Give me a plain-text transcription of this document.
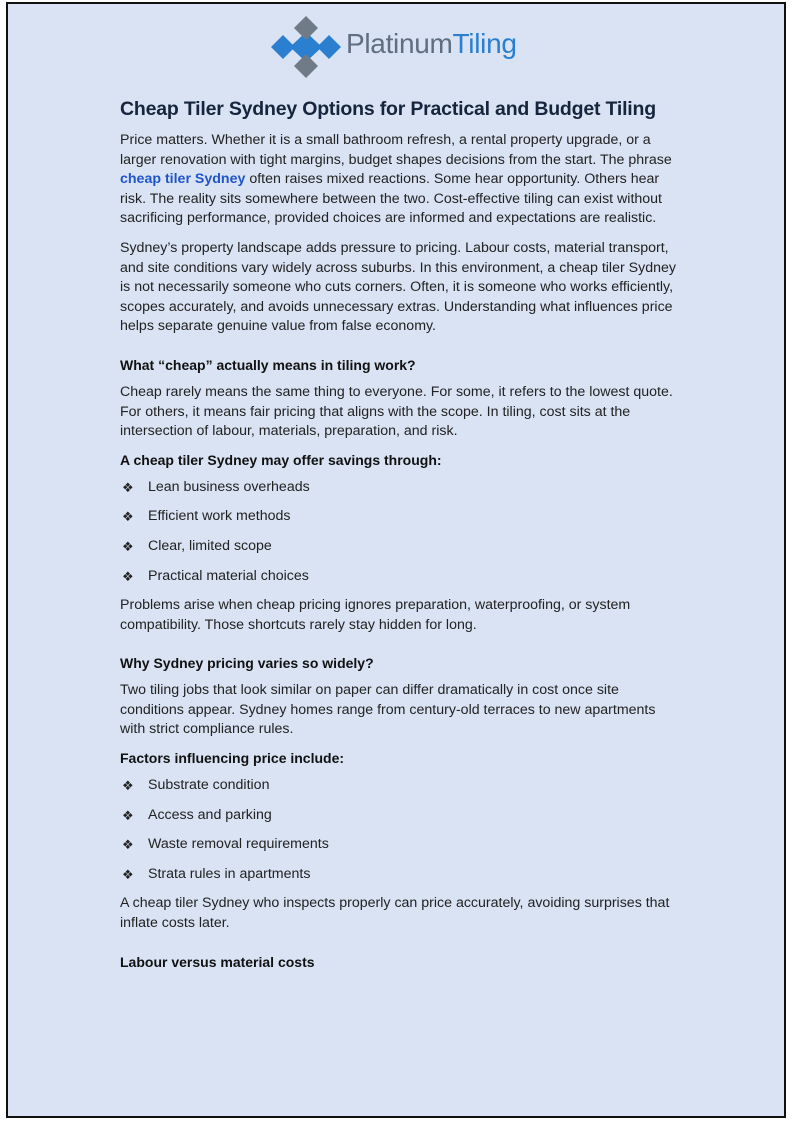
PlatinumTiling
Cheap Tiler Sydney Options for Practical and Budget Tiling

Price matters. Whether it is a small bathroom refresh, a rental property upgrade, or a larger renovation with tight margins, budget shapes decisions from the start. The phrase cheap tiler Sydney often raises mixed reactions. Some hear opportunity. Others hear risk. The reality sits somewhere between the two. Cost-effective tiling can exist without sacrificing performance, provided choices are informed and expectations are realistic.

Sydney’s property landscape adds pressure to pricing. Labour costs, material transport, and site conditions vary widely across suburbs. In this environment, a cheap tiler Sydney is not necessarily someone who cuts corners. Often, it is someone who works efficiently, scopes accurately, and avoids unnecessary extras. Understanding what influences price helps separate genuine value from false economy.

What “cheap” actually means in tiling work?

Cheap rarely means the same thing to everyone. For some, it refers to the lowest quote. For others, it means fair pricing that aligns with the scope. In tiling, cost sits at the intersection of labour, materials, preparation, and risk.

A cheap tiler Sydney may offer savings through:
❖ Lean business overheads
❖ Efficient work methods
❖ Clear, limited scope
❖ Practical material choices

Problems arise when cheap pricing ignores preparation, waterproofing, or system compatibility. Those shortcuts rarely stay hidden for long.

Why Sydney pricing varies so widely?

Two tiling jobs that look similar on paper can differ dramatically in cost once site conditions appear. Sydney homes range from century-old terraces to new apartments with strict compliance rules.

Factors influencing price include:
❖ Substrate condition
❖ Access and parking
❖ Waste removal requirements
❖ Strata rules in apartments

A cheap tiler Sydney who inspects properly can price accurately, avoiding surprises that inflate costs later.

Labour versus material costs
